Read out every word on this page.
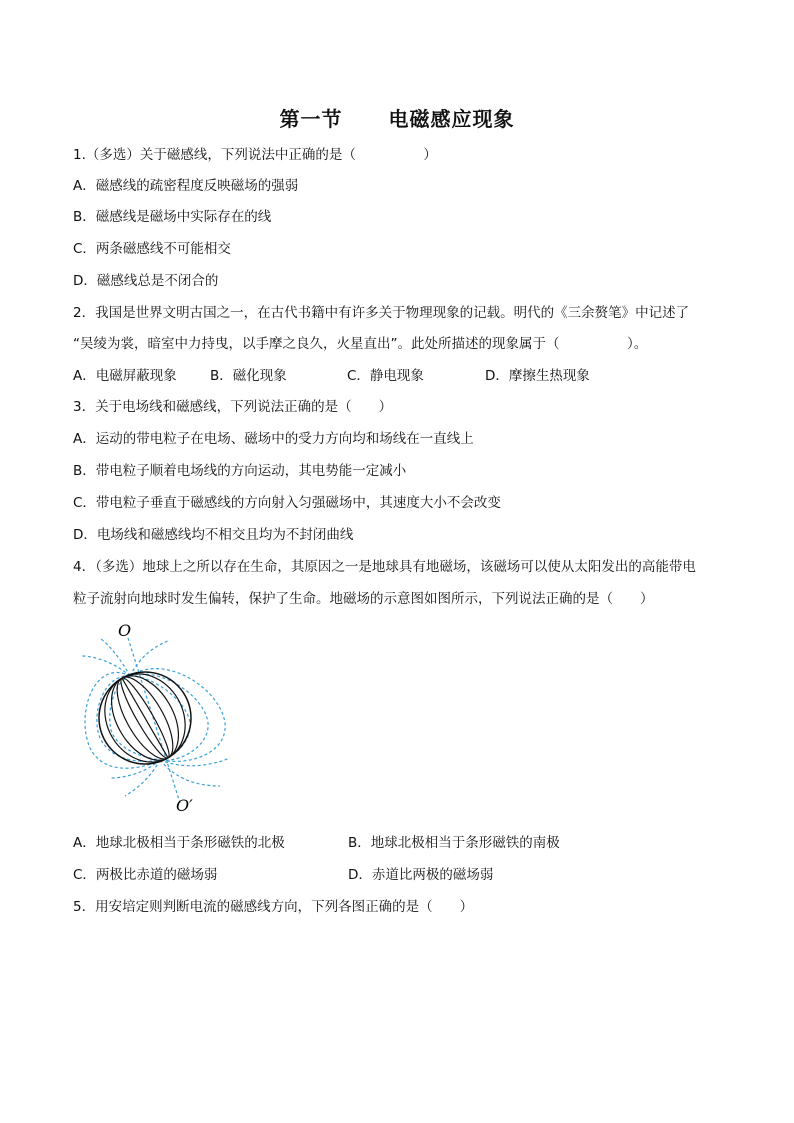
第一节 电磁感应现象
1.（多选）关于磁感线，下列说法中正确的是（　　　　　）
A．磁感线的疏密程度反映磁场的强弱
B．磁感线是磁场中实际存在的线
C．两条磁感线不可能相交
D．磁感线总是不闭合的
2．我国是世界文明古国之一，在古代书籍中有许多关于物理现象的记载。明代的《三余赘笔》中记述了
“吴绫为裳，暗室中力持曳，以手摩之良久，火星直出”。此处所描述的现象属于（　　　　　）。
A．电磁屏蔽现象 B．磁化现象	C．静电现象	D．摩擦生热现象
3．关于电场线和磁感线，下列说法正确的是（　　）
A．运动的带电粒子在电场、磁场中的受力方向均和场线在一直线上
B．带电粒子顺着电场线的方向运动，其电势能一定减小
C．带电粒子垂直于磁感线的方向射入匀强磁场中，其速度大小不会改变
D．电场线和磁感线均不相交且均为不封闭曲线
4．（多选）地球上之所以存在生命，其原因之一是地球具有地磁场，该磁场可以使从太阳发出的高能带电
粒子流射向地球时发生偏转，保护了生命。地磁场的示意图如图所示，下列说法正确的是（　　）
O
O′
A．地球北极相当于条形磁铁的北极	B．地球北极相当于条形磁铁的南极
C．两极比赤道的磁场弱	D．赤道比两极的磁场弱
5．用安培定则判断电流的磁感线方向，下列各图正确的是（　　）
